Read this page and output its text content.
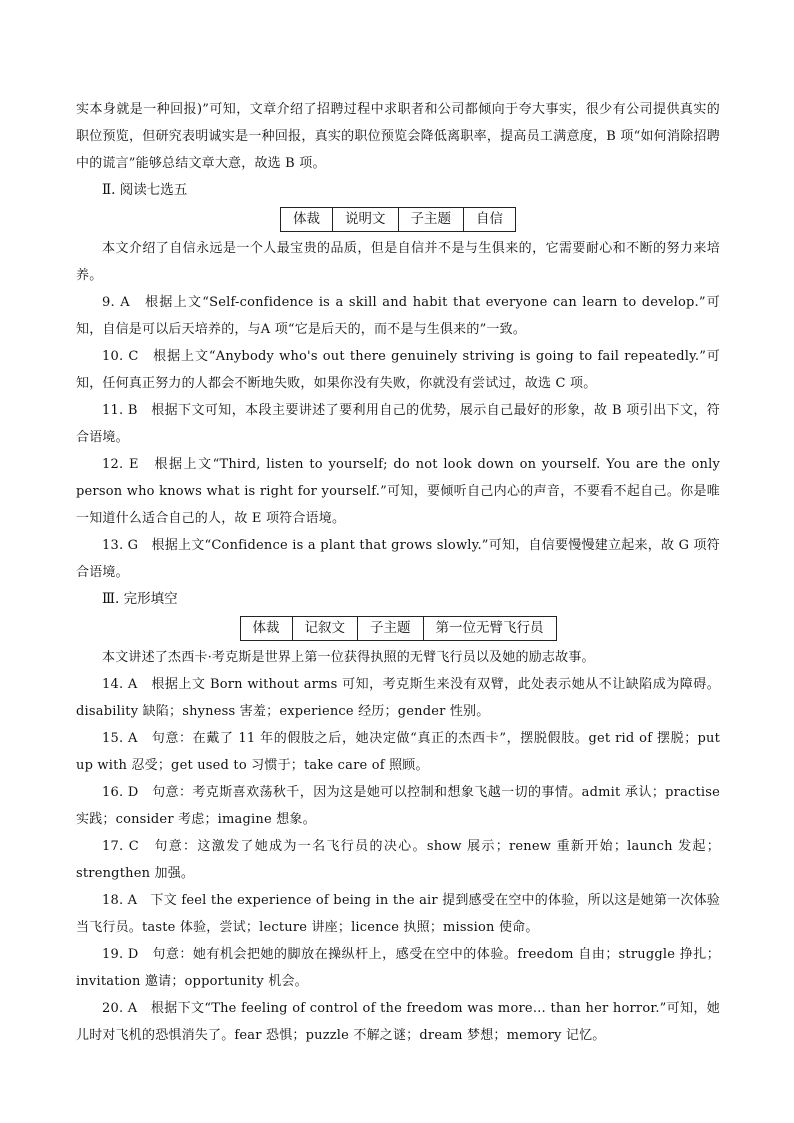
实本身就是一种回报)”可知，文章介绍了招聘过程中求职者和公司都倾向于夸大事实，很少有公司提供真实的职位预览，但研究表明诚实是一种回报，真实的职位预览会降低离职率，提高员工满意度，B 项“如何消除招聘中的谎言”能够总结文章大意，故选 B 项。

Ⅱ. 阅读七选五
体裁	说明文	子主题	自信

本文介绍了自信永远是一个人最宝贵的品质，但是自信并不是与生俱来的，它需要耐心和不断的努力来培养。

9. A　根据上文“Self-confidence is a skill and habit that everyone can learn to develop.”可知，自信是可以后天培养的，与A 项“它是后天的，而不是与生俱来的”一致。

10. C　根据上文“Anybody who's out there genuinely striving is going to fail repeatedly.”可知，任何真正努力的人都会不断地失败，如果你没有失败，你就没有尝试过，故选 C 项。

11. B　根据下文可知，本段主要讲述了要利用自己的优势，展示自己最好的形象，故 B 项引出下文，符合语境。

12. E　根据上文“Third, listen to yourself; do not look down on yourself. You are the only person who knows what is right for yourself.”可知，要倾听自己内心的声音，不要看不起自己。你是唯一知道什么适合自己的人，故 E 项符合语境。

13. G　根据上文“Confidence is a plant that grows slowly.”可知，自信要慢慢建立起来，故 G 项符合语境。

Ⅲ. 完形填空
体裁	记叙文	子主题	第一位无臂飞行员

本文讲述了杰西卡·考克斯是世界上第一位获得执照的无臂飞行员以及她的励志故事。

14. A　根据上文 Born without arms 可知，考克斯生来没有双臂，此处表示她从不让缺陷成为障碍。disability 缺陷；shyness 害羞；experience 经历；gender 性别。

15. A　句意：在戴了 11 年的假肢之后，她决定做“真正的杰西卡”，摆脱假肢。get rid of 摆脱；put up with 忍受；get used to 习惯于；take care of 照顾。

16. D　句意：考克斯喜欢荡秋千，因为这是她可以控制和想象飞越一切的事情。admit 承认；practise 实践；consider 考虑；imagine 想象。

17. C　句意：这激发了她成为一名飞行员的决心。show 展示；renew 重新开始；launch 发起；strengthen 加强。

18. A　下文 feel the experience of being in the air 提到感受在空中的体验，所以这是她第一次体验当飞行员。taste 体验，尝试；lecture 讲座；licence 执照；mission 使命。

19. D　句意：她有机会把她的脚放在操纵杆上，感受在空中的体验。freedom 自由；struggle 挣扎；invitation 邀请；opportunity 机会。

20. A　根据下文“The feeling of control of the freedom was more… than her horror.”可知，她儿时对飞机的恐惧消失了。fear 恐惧；puzzle 不解之谜；dream 梦想；memory 记忆。
